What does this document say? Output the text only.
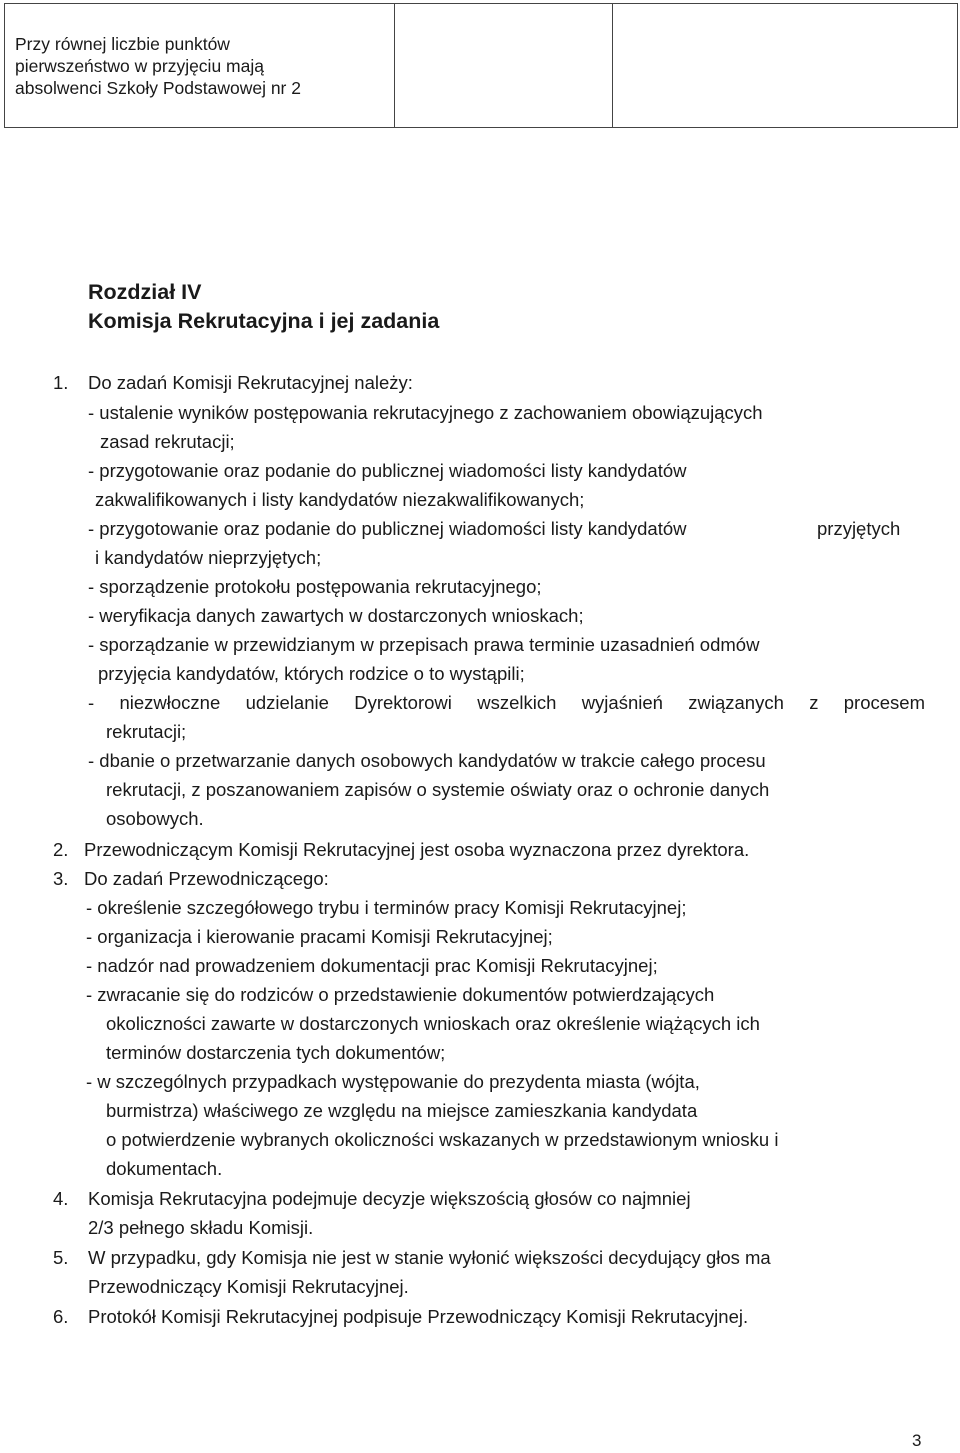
Przy równej liczbie punktów
pierwszeństwo w przyjęciu mają
absolwenci Szkoły Podstawowej nr 2

Rozdział IV
Komisja Rekrutacyjna i jej zadania
1. Do zadań Komisji Rekrutacyjnej należy:
- ustalenie wyników postępowania rekrutacyjnego z zachowaniem obowiązujących
zasad rekrutacji;
- przygotowanie oraz podanie do publicznej wiadomości listy kandydatów
zakwalifikowanych i listy kandydatów niezakwalifikowanych;
- przygotowanie oraz podanie do publicznej wiadomości listy kandydatów	przyjętych
i kandydatów nieprzyjętych;
- sporządzenie protokołu postępowania rekrutacyjnego;
- weryfikacja danych zawartych w dostarczonych wnioskach;
- sporządzanie w przewidzianym w przepisach prawa terminie uzasadnień odmów
przyjęcia kandydatów, których rodzice o to wystąpili;
- niezwłoczne udzielanie Dyrektorowi wszelkich wyjaśnień związanych z procesem
rekrutacji;
- dbanie o przetwarzanie danych osobowych kandydatów w trakcie całego procesu
rekrutacji, z poszanowaniem zapisów o systemie oświaty oraz o ochronie danych
osobowych.
2. Przewodniczącym Komisji Rekrutacyjnej jest osoba wyznaczona przez dyrektora.
3. Do zadań Przewodniczącego:
- określenie szczegółowego trybu i terminów pracy Komisji Rekrutacyjnej;
- organizacja i kierowanie pracami Komisji Rekrutacyjnej;
- nadzór nad prowadzeniem dokumentacji prac Komisji Rekrutacyjnej;
- zwracanie się do rodziców o przedstawienie dokumentów potwierdzających
okoliczności zawarte w dostarczonych wnioskach oraz określenie wiążących ich
terminów dostarczenia tych dokumentów;
- w szczególnych przypadkach występowanie do prezydenta miasta (wójta,
burmistrza) właściwego ze względu na miejsce zamieszkania kandydata
o potwierdzenie wybranych okoliczności wskazanych w przedstawionym wniosku i
dokumentach.
4. Komisja Rekrutacyjna podejmuje decyzje większością głosów co najmniej
2/3 pełnego składu Komisji.
5. W przypadku, gdy Komisja nie jest w stanie wyłonić większości decydujący głos ma
Przewodniczący Komisji Rekrutacyjnej.
6. Protokół Komisji Rekrutacyjnej podpisuje Przewodniczący Komisji Rekrutacyjnej.
3
